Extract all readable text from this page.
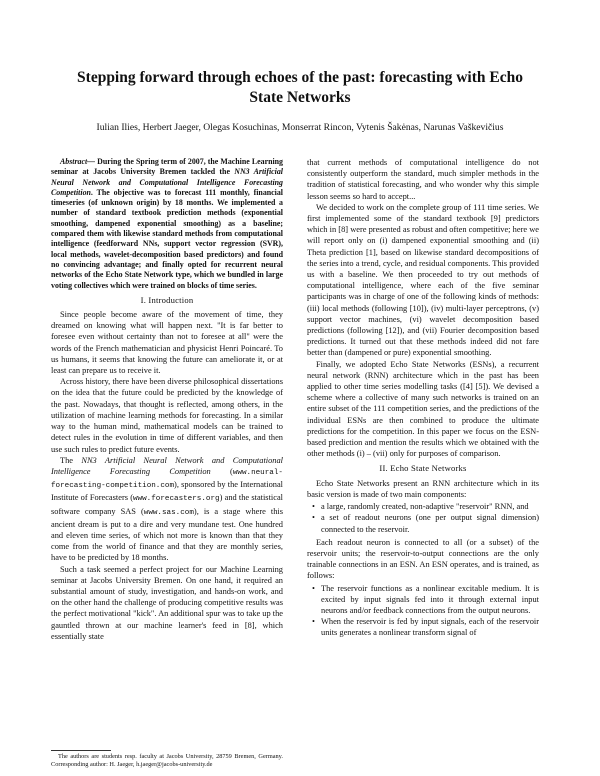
Stepping forward through echoes of the past: forecasting with Echo State Networks
Iulian Ilies, Herbert Jaeger, Olegas Kosuchinas, Monserrat Rincon, Vytenis Šakėnas, Narunas Vaškevičius

Abstract— During the Spring term of 2007, the Machine Learning seminar at Jacobs University Bremen tackled the NN3 Artificial Neural Network and Computational Intelligence Forecasting Competition. The objective was to forecast 111 monthly, financial timeseries (of unknown origin) by 18 months. We implemented a number of standard textbook prediction methods (exponential smoothing, dampened exponential smoothing) as a baseline; compared them with likewise standard methods from computational intelligence (feedforward NNs, support vector regression (SVR), local methods, wavelet-decomposition based predictors) and found no convincing advantage; and finally opted for recurrent neural networks of the Echo State Network type, which we bundled in large voting collectives which were trained on blocks of time series.

I. Introduction

Since people become aware of the movement of time, they dreamed on knowing what will happen next. "It is far better to foresee even without certainty than not to foresee at all" were the words of the French mathematician and physicist Henri Poincaré. To us humans, it seems that knowing the future can ameliorate it, or at least can prepare us to receive it.

Across history, there have been diverse philosophical dissertations on the idea that the future could be predicted by the knowledge of the past. Nowadays, that thought is reflected, among others, in the utilization of machine learning methods for forecasting. In a similar way to the human mind, mathematical models can be trained to detect rules in the evolution in time of different variables, and then use such rules to predict future events.

The NN3 Artificial Neural Network and Computational Intelligence Forecasting Competition (www.neural-forecasting-competition.com), sponsored by the International Institute of Forecasters (www.forecasters.org) and the statistical software company SAS (www.sas.com), is a stage where this ancient dream is put to a dire and very mundane test. One hundred and eleven time series, of which not more is known than that they come from the world of finance and that they are monthly series, have to be predicted by 18 months.

Such a task seemed a perfect project for our Machine Learning seminar at Jacobs University Bremen. On one hand, it required an substantial amount of study, investigation, and hands-on work, and on the other hand the challenge of producing competitive results was the perfect motivational "kick". An additional spur was to take up the gauntled thrown at our machine learner's feed in [8], which essentially state

that current methods of computational intelligence do not consistently outperform the standard, much simpler methods in the tradition of statistical forecasting, and who wonder why this simple lesson seems so hard to accept...

We decided to work on the complete group of 111 time series. We first implemented some of the standard textbook [9] predictors which in [8] were presented as robust and often competitive; here we will report only on (i) dampened exponential smoothing and (ii) Theta prediction [1], based on likewise standard decompositions of the series into a trend, cycle, and residual components. This provided us with a baseline. We then proceeded to try out methods of computational intelligence, where each of the five seminar participants was in charge of one of the following kinds of methods: (iii) local methods (following [10]), (iv) multi-layer perceptrons, (v) support vector machines, (vi) wavelet decomposition based predictions (following [12]), and (vii) Fourier decomposition based predictions. It turned out that these methods indeed did not fare better than (dampened or pure) exponential smoothing.

Finally, we adopted Echo State Networks (ESNs), a recurrent neural network (RNN) architecture which in the past has been applied to other time series modelling tasks ([4] [5]). We devised a scheme where a collective of many such networks is trained on an entire subset of the 111 competition series, and the predictions of the individual ESNs are then combined to produce the ultimate predictions for the competition. In this paper we focus on the ESN-based prediction and mention the results which we obtained with the other methods (i) – (vii) only for purposes of comparison.

II. Echo State Networks

Echo State Networks present an RNN architecture which in its basic version is made of two main components:

• a large, randomly created, non-adaptive "reservoir" RNN, and
• a set of readout neurons (one per output signal dimension) connected to the reservoir.

Each readout neuron is connected to all (or a subset) of the reservoir units; the reservoir-to-output connections are the only trainable connections in an ESN. An ESN operates, and is trained, as follows:

• The reservoir functions as a nonlinear excitable medium. It is excited by input signals fed into it through external input neurons and/or feedback connections from the output neurons.
• When the reservoir is fed by input signals, each of the reservoir units generates a nonlinear transform signal of
The authors are students resp. faculty at Jacobs University, 28759 Bremen, Germany. Corresponding author: H. Jaeger, h.jaeger@jacobs-university.de
